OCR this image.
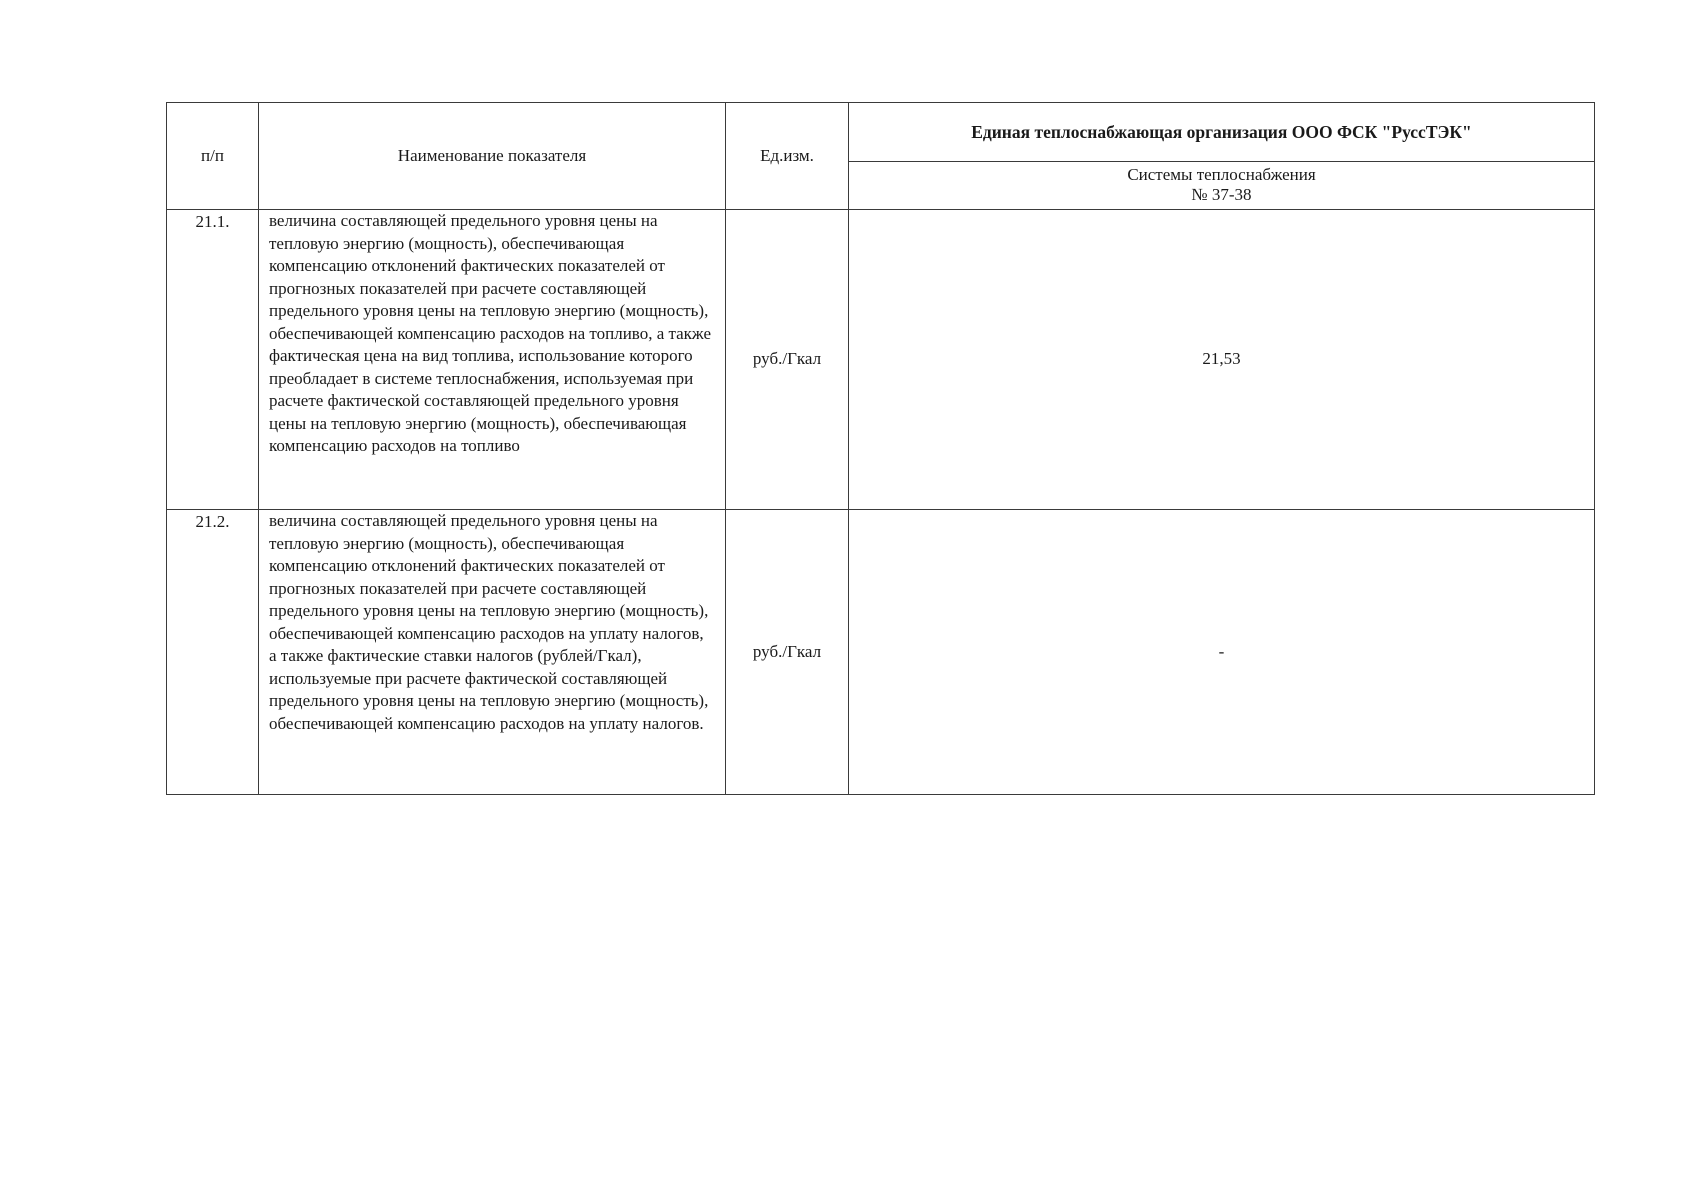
п/п	Наименование показателя	Ед.изм.	Единая теплоснабжающая организация ООО ФСК "РуссТЭК"

			Системы теплоснабжения
№ 37-38

21.1.	величина составляющей предельного уровня цены на тепловую энергию (мощность), обеспечивающая компенсацию отклонений фактических показателей от прогнозных показателей при расчете составляющей предельного уровня цены на тепловую энергию (мощность), обеспечивающей компенсацию расходов на топливо, а также фактическая цена на вид топлива, использование которого преобладает в системе теплоснабжения, используемая при расчете фактической составляющей предельного уровня цены на тепловую энергию (мощность), обеспечивающая компенсацию расходов на топливо	руб./Гкал	21,53
21.2.	величина составляющей предельного уровня цены на тепловую энергию (мощность), обеспечивающая компенсацию отклонений фактических показателей от прогнозных показателей при расчете составляющей предельного уровня цены на тепловую энергию (мощность), обеспечивающей компенсацию расходов на уплату налогов, а также фактические ставки налогов (рублей/Гкал), используемые при расчете фактической составляющей предельного уровня цены на тепловую энергию (мощность), обеспечивающей компенсацию расходов на уплату налогов.	руб./Гкал	-
